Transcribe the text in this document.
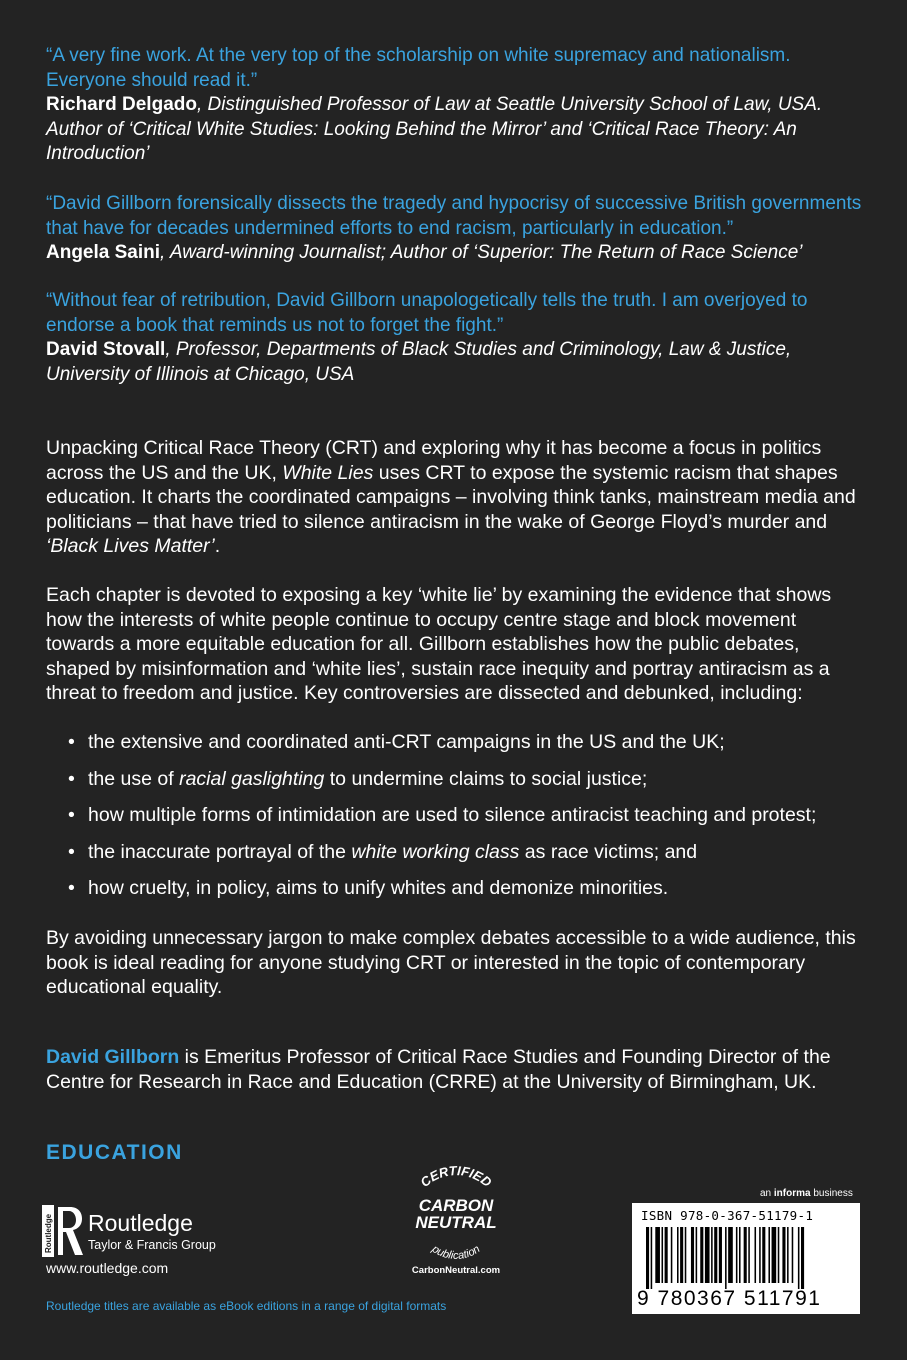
“A very fine work. At the very top of the scholarship on white supremacy and nationalism. Everyone should read it.”

Richard Delgado, Distinguished Professor of Law at Seattle University School of Law, USA. Author of ‘Critical White Studies: Looking Behind the Mirror’ and ‘Critical Race Theory: An Introduction’

“David Gillborn forensically dissects the tragedy and hypocrisy of successive British governments that have for decades undermined efforts to end racism, particularly in education.”

Angela Saini, Award-winning Journalist; Author of ‘Superior: The Return of Race Science’

“Without fear of retribution, David Gillborn unapologetically tells the truth. I am overjoyed to endorse a book that reminds us not to forget the fight.”

David Stovall, Professor, Departments of Black Studies and Criminology, Law & Justice, University of Illinois at Chicago, USA

Unpacking Critical Race Theory (CRT) and exploring why it has become a focus in politics across the US and the UK, White Lies uses CRT to expose the systemic racism that shapes education. It charts the coordinated campaigns – involving think tanks, mainstream media and politicians – that have tried to silence antiracism in the wake of George Floyd’s murder and ‘Black Lives Matter’.

Each chapter is devoted to exposing a key ‘white lie’ by examining the evidence that shows how the interests of white people continue to occupy centre stage and block movement towards a more equitable education for all. Gillborn establishes how the public debates, shaped by misinformation and ‘white lies’, sustain race inequity and portray antiracism as a threat to freedom and justice. Key controversies are dissected and debunked, including:

• the extensive and coordinated anti-CRT campaigns in the US and the UK;
• the use of racial gaslighting to undermine claims to social justice;
• how multiple forms of intimidation are used to silence antiracist teaching and protest;
• the inaccurate portrayal of the white working class as race victims; and
• how cruelty, in policy, aims to unify whites and demonize minorities.

By avoiding unnecessary jargon to make complex debates accessible to a wide audience, this book is ideal reading for anyone studying CRT or interested in the topic of contemporary educational equality.

David Gillborn is Emeritus Professor of Critical Race Studies and Founding Director of the Centre for Research in Race and Education (CRRE) at the University of Birmingham, UK.

EDUCATION
Routledge Routledge
Taylor & Francis Group
www.routledge.com
Routledge titles are available as eBook editions in a range of digital formats
CERTIFIED
CARBON
NEUTRAL
publication
CarbonNeutral.com
an informa business
ISBN 978-0-367-51179-1
9 780367 511791
